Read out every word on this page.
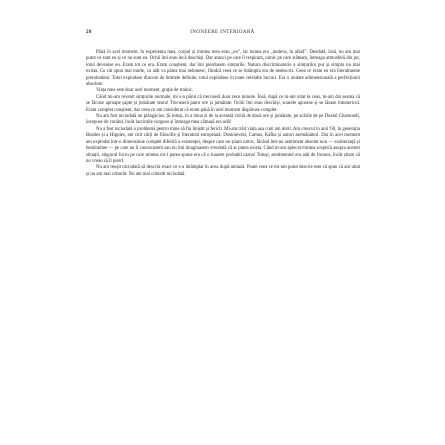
20	INONEERE INTERIOARĂ

Până în acel moment, în experiența mea, corpul și mintea mea erau „eu”, iar lumea era „undeva, în afară”. Deodată, însă, nu am mai putut ce sunt eu și ce nu sunt eu. Ochii îmi erau încă deschiși. Dar atunci pe care îl respiram, nimic pe care stăteam, întreaga atmosferă din jur, totul devenise eu. Eram tot ce era. Eram conștient, dar îmi pierdusem simțurile. Natura discriminatorie a simțurilor pur și simplu nu mai exista. Cu cât spun mai multe, cu atât va părea mai nebunesc, fiindcă ceea ce se întâmpla era de nedescris. Ceea ce eram eu era literalmente pretutindeni. Totul explodase dincolo de limitele definite; totul explodase în toate celelalte lucruri. Era o unitate adimensională a perfecțiunii absolute.

Viața mea este doar acel moment, grație de trainic.

Când mi-am revenit simțurile normale, mi s-a părut că trecuseră doar zece minute. Însă, după ce m-am uitat la ceas, m-am dat seama că se făcuse aproape șapte și jumătate seara! Trecuseră patru ore și jumătate. Ochii îmi erau deschiși, soarele apusese și se lăsase întunericul. Eram complet conștient, dar ceea ce am considerat că eram până în acel moment dispăruse complet.

Nu am fost niciodată un plângăcios. Și totuși, în a doua zi de la această vizită de două ore și jumătate, pe scările de pe Dealul Chamundi, începuse de curând, încât lacrimile curgeau și întreaga mea cămașă era udă!

Nu a fost niciodată o problemă pentru mine să fiu liniștit și fericit. Mi-am trăit viața așa cum am dorit. Am crescut în anii '60, în generația Beatles și a Hippies, am citit cărți de filosofie și literatură europeană: Dostoievski, Camus, Kafka și autori asemănători. Dar în acel moment am explodat într-o dimensiune complet diferită a existenței, despre care nu știam nimic, făcând într-un sentiment absolut nou — exuberanță și beatitudine — pe care nu îl cunoscusem sau nu îmi imaginasem vreodată că ar putea exista. Când m-am aplecat mintea sceptică asupra acestei situații, singurul lucru pe care mintea mi-l putea spune era că o luasem probabil razna! Totuși, sentimentul era atât de frumos, încât știam că nu vreau să îl pierd.

Nu am reușit niciodată să descriu exact ce s-a întâmplat în acea după-amiază. Poate ceea ce mi-am putut descrie este că spun că am uitat și nu am mai coborât. Nu am mai coborât niciodată.
